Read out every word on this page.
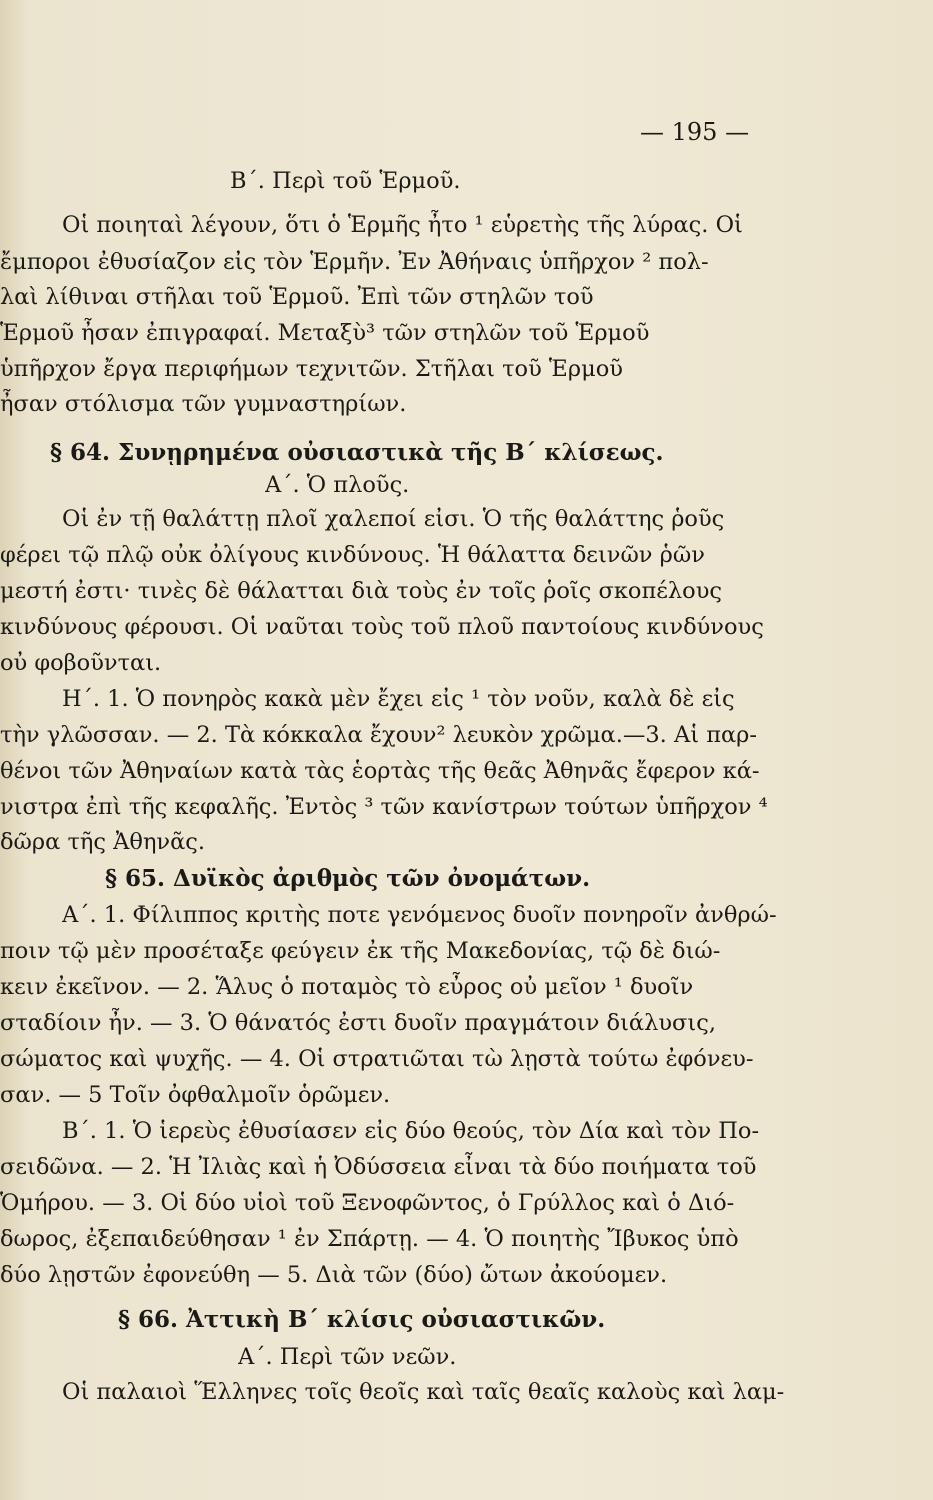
— 195 —
Β΄. Περὶ τοῦ Ἑρμοῦ.
Οἱ ποιηταὶ λέγουν, ὅτι ὁ Ἑρμῆς ἦτο ¹ εὑρετὴς τῆς λύρας. Οἱ
ἔμποροι ἐθυσίαζον εἰς τὸν Ἑρμῆν. Ἐν Ἀθήναις ὑπῆρχον ² πολ-
λαὶ λίθιναι στῆλαι τοῦ Ἑρμοῦ. Ἐπὶ τῶν στηλῶν τοῦ
Ἑρμοῦ ἦσαν ἐπιγραφαί. Μεταξὺ³ τῶν στηλῶν τοῦ Ἑρμοῦ
ὑπῆρχον ἔργα περιφήμων τεχνιτῶν. Στῆλαι τοῦ Ἑρμοῦ
ἦσαν στόλισμα τῶν γυμναστηρίων.
§ 64. Συνῃρημένα οὐσιαστικὰ τῆς Β΄ κλίσεως.
Α΄. Ὁ πλοῦς.
Οἱ ἐν τῇ θαλάττῃ πλοῖ χαλεποί εἰσι. Ὁ τῆς θαλάττης ῥοῦς
φέρει τῷ πλῷ οὐκ ὀλίγους κινδύνους. Ἡ θάλαττα δεινῶν ῥῶν
μεστή ἐστι· τινὲς δὲ θάλατται διὰ τοὺς ἐν τοῖς ῥοῖς σκοπέλους
κινδύνους φέρουσι. Οἱ ναῦται τοὺς τοῦ πλοῦ παντοίους κινδύνους
οὐ φοβοῦνται.
Η΄. 1. Ὁ πονηρὸς κακὰ μὲν ἔχει εἰς ¹ τὸν νοῦν, καλὰ δὲ εἰς
τὴν γλῶσσαν. — 2. Τὰ κόκκαλα ἔχουν² λευκὸν χρῶμα.—3. Αἱ παρ-
θένοι τῶν Ἀθηναίων κατὰ τὰς ἑορτὰς τῆς θεᾶς Ἀθηνᾶς ἔφερον κά-
νιστρα ἐπὶ τῆς κεφαλῆς. Ἐντὸς ³ τῶν κανίστρων τούτων ὑπῆρχον ⁴
δῶρα τῆς Ἀθηνᾶς.
§ 65. Δυϊκὸς ἀριθμὸς τῶν ὀνομάτων.
Α΄. 1. Φίλιππος κριτὴς ποτε γενόμενος δυοῖν πονηροῖν ἀνθρώ-
ποιν τῷ μὲν προσέταξε φεύγειν ἐκ τῆς Μακεδονίας, τῷ δὲ διώ-
κειν ἐκεῖνον. — 2. Ἅλυς ὁ ποταμὸς τὸ εὖρος οὐ μεῖον ¹ δυοῖν
σταδίοιν ἦν. — 3. Ὁ θάνατός ἐστι δυοῖν πραγμάτοιν διάλυσις,
σώματος καὶ ψυχῆς. — 4. Οἱ στρατιῶται τὼ λῃστὰ τούτω ἐφόνευ-
σαν. — 5 Τοῖν ὀφθαλμοῖν ὁρῶμεν.
Β΄. 1. Ὁ ἱερεὺς ἐθυσίασεν εἰς δύο θεούς, τὸν Δία καὶ τὸν Πο-
σειδῶνα. — 2. Ἡ Ἰλιὰς καὶ ἡ Ὀδύσσεια εἶναι τὰ δύο ποιήματα τοῦ
Ὁμήρου. — 3. Οἱ δύο υἱοὶ τοῦ Ξενοφῶντος, ὁ Γρύλλος καὶ ὁ Διό-
δωρος, ἐξεπαιδεύθησαν ¹ ἐν Σπάρτῃ. — 4. Ὁ ποιητὴς Ἴβυκος ὑπὸ
δύο λῃστῶν ἐφονεύθη — 5. Διὰ τῶν (δύο) ὤτων ἀκούομεν.
§ 66. Ἀττικὴ Β΄ κλίσις οὐσιαστικῶν.
Α΄. Περὶ τῶν νεῶν.
Οἱ παλαιοὶ Ἕλληνες τοῖς θεοῖς καὶ ταῖς θεαῖς καλοὺς καὶ λαμ-
